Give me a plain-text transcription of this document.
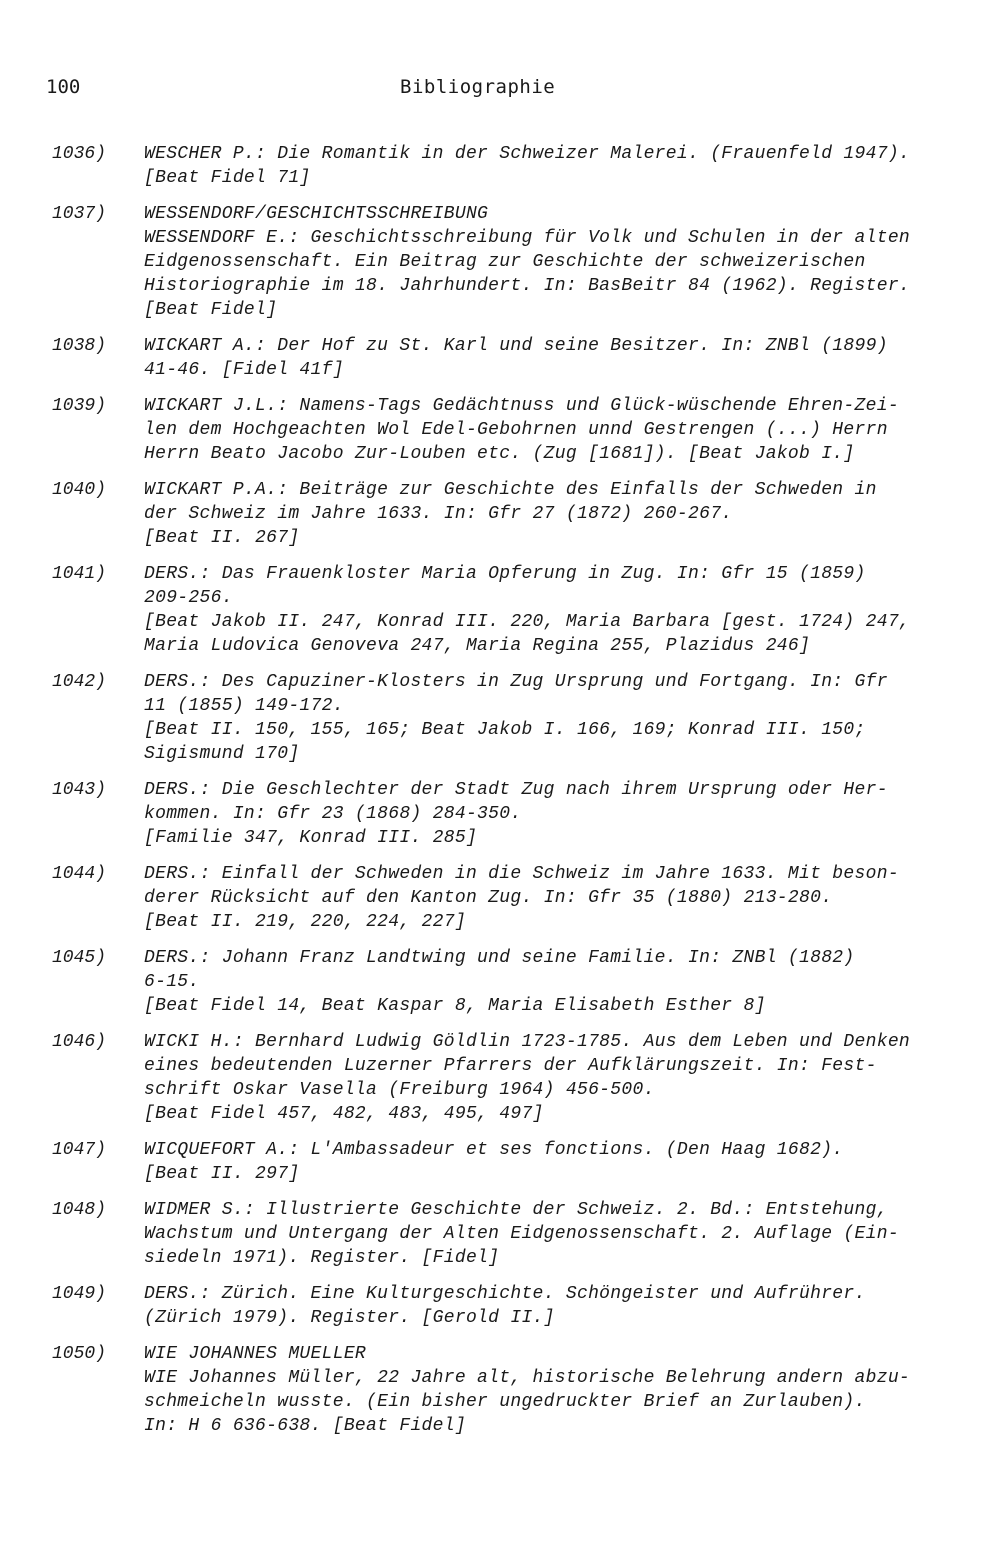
100	Bibliographie
1036)	WESCHER P.: Die Romantik in der Schweizer Malerei. (Frauenfeld 1947).
[Beat Fidel 71]
1037)	WESSENDORF/GESCHICHTSSCHREIBUNG
WESSENDORF E.: Geschichtsschreibung für Volk und Schulen in der alten
Eidgenossenschaft. Ein Beitrag zur Geschichte der schweizerischen
Historiographie im 18. Jahrhundert. In: BasBeitr 84 (1962). Register.
[Beat Fidel]
1038)	WICKART A.: Der Hof zu St. Karl und seine Besitzer. In: ZNBl (1899)
41-46. [Fidel 41f]
1039)	WICKART J.L.: Namens-Tags Gedächtnuss und Glück-wüschende Ehren-Zei-
len dem Hochgeachten Wol Edel-Gebohrnen unnd Gestrengen (...) Herrn
Herrn Beato Jacobo Zur-Louben etc. (Zug [1681]). [Beat Jakob I.]
1040)	WICKART P.A.: Beiträge zur Geschichte des Einfalls der Schweden in
der Schweiz im Jahre 1633. In: Gfr 27 (1872) 260-267.
[Beat II. 267]
1041)	DERS.: Das Frauenkloster Maria Opferung in Zug. In: Gfr 15 (1859)
209-256.
[Beat Jakob II. 247, Konrad III. 220, Maria Barbara [gest. 1724) 247,
Maria Ludovica Genoveva 247, Maria Regina 255, Plazidus 246]
1042)	DERS.: Des Capuziner-Klosters in Zug Ursprung und Fortgang. In: Gfr
11 (1855) 149-172.
[Beat II. 150, 155, 165; Beat Jakob I. 166, 169; Konrad III. 150;
Sigismund 170]
1043)	DERS.: Die Geschlechter der Stadt Zug nach ihrem Ursprung oder Her-
kommen. In: Gfr 23 (1868) 284-350.
[Familie 347, Konrad III. 285]
1044)	DERS.: Einfall der Schweden in die Schweiz im Jahre 1633. Mit beson-
derer Rücksicht auf den Kanton Zug. In: Gfr 35 (1880) 213-280.
[Beat II. 219, 220, 224, 227]
1045)	DERS.: Johann Franz Landtwing und seine Familie. In: ZNBl (1882)
6-15.
[Beat Fidel 14, Beat Kaspar 8, Maria Elisabeth Esther 8]
1046)	WICKI H.: Bernhard Ludwig Göldlin 1723-1785. Aus dem Leben und Denken
eines bedeutenden Luzerner Pfarrers der Aufklärungszeit. In: Fest-
schrift Oskar Vasella (Freiburg 1964) 456-500.
[Beat Fidel 457, 482, 483, 495, 497]
1047)	WICQUEFORT A.: L'Ambassadeur et ses fonctions. (Den Haag 1682).
[Beat II. 297]
1048)	WIDMER S.: Illustrierte Geschichte der Schweiz. 2. Bd.: Entstehung,
Wachstum und Untergang der Alten Eidgenossenschaft. 2. Auflage (Ein-
siedeln 1971). Register. [Fidel]
1049)	DERS.: Zürich. Eine Kulturgeschichte. Schöngeister und Aufrührer.
(Zürich 1979). Register. [Gerold II.]
1050)	WIE JOHANNES MUELLER
WIE Johannes Müller, 22 Jahre alt, historische Belehrung andern abzu-
schmeicheln wusste. (Ein bisher ungedruckter Brief an Zurlauben).
In: H 6 636-638. [Beat Fidel]
